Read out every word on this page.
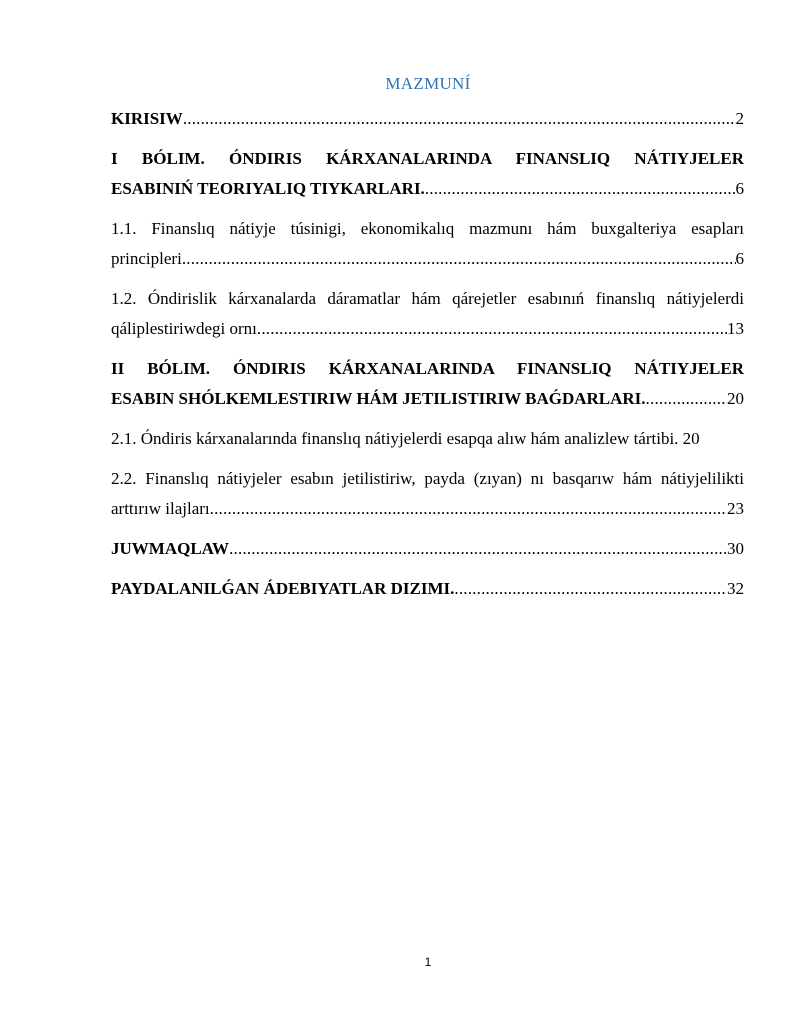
MAZMUNÍ
KIRISIW .....	2
I BÓLIM. ÓNDIRIS KÁRXANALARINDA FINANSLIQ NÁTIYJELER
ESABINIŃ TEORIYALIQ TIYKARLARI. .....	6
1.1. Finanslıq nátiyje túsinigi, ekonomikalıq mazmunı hám buxgalteriya esapları
principleri .....	6
1.2. Óndirislik kárxanalarda dáramatlar hám qárejetler esabınıń finanslıq nátiyjelerdi
qáliplestiriwdegi ornı .....	13
II BÓLIM. ÓNDIRIS KÁRXANALARINDA FINANSLIQ NÁTIYJELER
ESABIN SHÓLKEMLESTIRIW HÁM JETILISTIRIW BAǴDARLARI. .....	20
2.1. Óndiris kárxanalarında finanslıq nátiyjelerdi esapqa alıw hám analizlew tártibi. 20
2.2. Finanslıq nátiyjeler esabın jetilistiriw, payda (zıyan) nı basqarıw hám nátiyjelilikti
arttırıw ilajları .....	23
JUWMAQLAW .....	30
PAYDALANILǴAN ÁDEBIYATLAR DIZIMI. .....	32
1
